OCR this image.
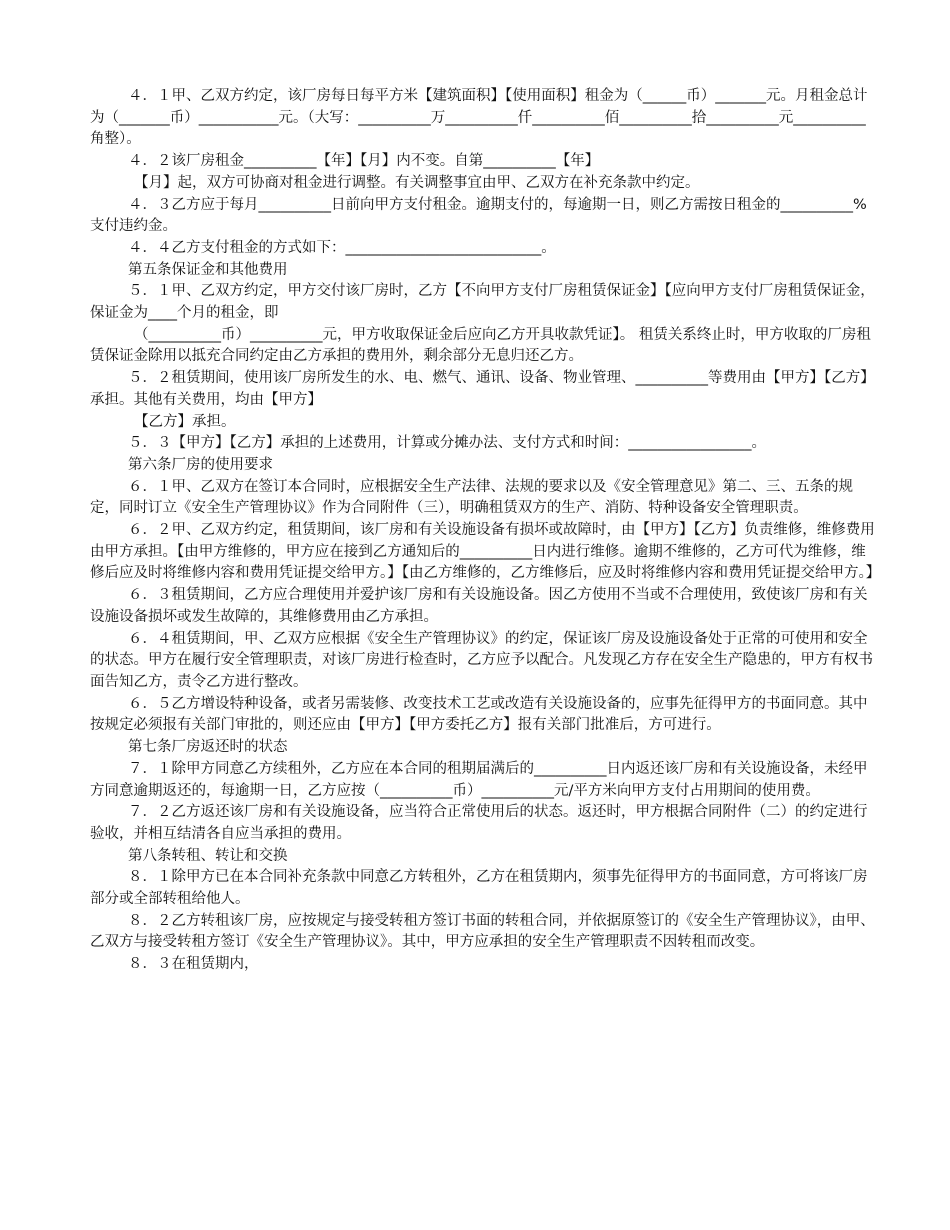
４．１甲、乙双方约定，该厂房每日每平方米【建筑面积】【使用面积】租金为（______币）_______元。月租金总计为（_______币）___________元。（大写：__________万__________仟__________佰__________拾__________元__________角整）。

４．２该厂房租金__________【年】【月】内不变。自第__________【年】

【月】起，双方可协商对租金进行调整。有关调整事宜由甲、乙双方在补充条款中约定。

４．３乙方应于每月__________日前向甲方支付租金。逾期支付的，每逾期一日，则乙方需按日租金的__________%支付违约金。

４．４乙方支付租金的方式如下：___________________________。

第五条保证金和其他费用

５．１甲、乙双方约定，甲方交付该厂房时，乙方【不向甲方支付厂房租赁保证金】【应向甲方支付厂房租赁保证金，保证金为____个月的租金，即

（__________币）__________元，甲方收取保证金后应向乙方开具收款凭证】。 租赁关系终止时，甲方收取的厂房租赁保证金除用以抵充合同约定由乙方承担的费用外，剩余部分无息归还乙方。

５．２租赁期间，使用该厂房所发生的水、电、燃气、通讯、设备、物业管理、__________等费用由【甲方】【乙方】承担。其他有关费用，均由【甲方】

【乙方】承担。

５．３【甲方】【乙方】承担的上述费用，计算或分摊办法、支付方式和时间：_________________。

第六条厂房的使用要求

６．１甲、乙双方在签订本合同时，应根据安全生产法律、法规的要求以及《安全管理意见》第二、三、五条的规定，同时订立《安全生产管理协议》作为合同附件（三），明确租赁双方的生产、消防、特种设备安全管理职责。

６．２甲、乙双方约定，租赁期间，该厂房和有关设施设备有损坏或故障时，由【甲方】【乙方】负责维修，维修费用由甲方承担。【由甲方维修的，甲方应在接到乙方通知后的__________日内进行维修。逾期不维修的，乙方可代为维修，维修后应及时将维修内容和费用凭证提交给甲方。】【由乙方维修的，乙方维修后，应及时将维修内容和费用凭证提交给甲方。】

６．３租赁期间，乙方应合理使用并爱护该厂房和有关设施设备。因乙方使用不当或不合理使用，致使该厂房和有关设施设备损坏或发生故障的，其维修费用由乙方承担。

６．４租赁期间，甲、乙双方应根据《安全生产管理协议》的约定，保证该厂房及设施设备处于正常的可使用和安全的状态。甲方在履行安全管理职责，对该厂房进行检查时，乙方应予以配合。凡发现乙方存在安全生产隐患的，甲方有权书面告知乙方，责令乙方进行整改。

６．５乙方增设特种设备，或者另需装修、改变技术工艺或改造有关设施设备的，应事先征得甲方的书面同意。其中按规定必须报有关部门审批的，则还应由【甲方】【甲方委托乙方】报有关部门批准后，方可进行。

第七条厂房返还时的状态

７．１除甲方同意乙方续租外，乙方应在本合同的租期届满后的__________日内返还该厂房和有关设施设备，未经甲方同意逾期返还的，每逾期一日，乙方应按（__________币）__________元/平方米向甲方支付占用期间的使用费。

７．２乙方返还该厂房和有关设施设备，应当符合正常使用后的状态。返还时，甲方根据合同附件（二）的约定进行验收，并相互结清各自应当承担的费用。

第八条转租、转让和交换

８．１除甲方已在本合同补充条款中同意乙方转租外，乙方在租赁期内，须事先征得甲方的书面同意，方可将该厂房部分或全部转租给他人。

８．２乙方转租该厂房，应按规定与接受转租方签订书面的转租合同，并依据原签订的《安全生产管理协议》，由甲、乙双方与接受转租方签订《安全生产管理协议》。其中，甲方应承担的安全生产管理职责不因转租而改变。

８．３在租赁期内，
